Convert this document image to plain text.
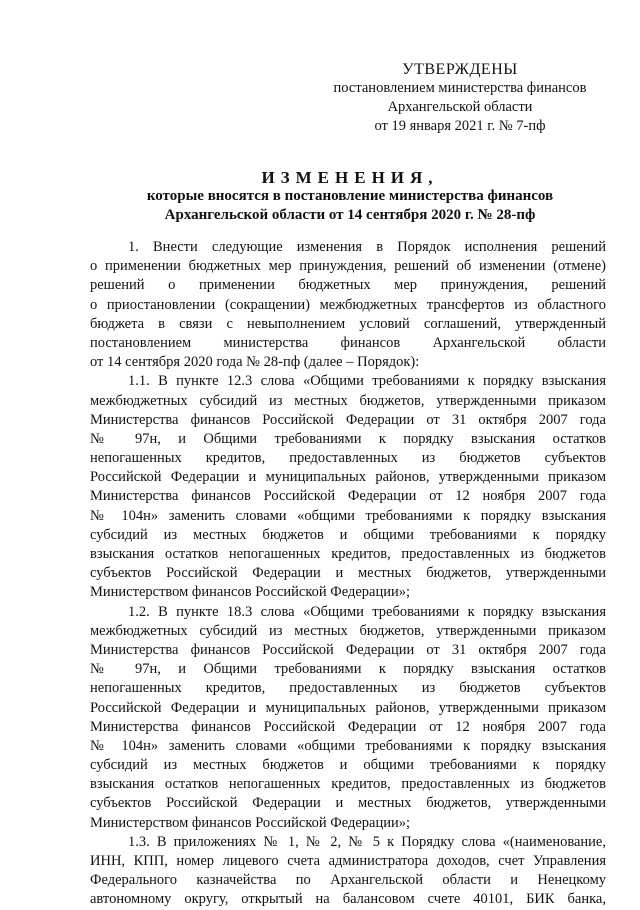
УТВЕРЖДЕНЫ
постановлением министерства финансов
Архангельской области
от 19 января 2021 г. № 7-пф
ИЗМЕНЕНИЯ,
которые вносятся в постановление министерства финансов
Архангельской области от 14 сентября 2020 г. № 28-пф
1. Внести следующие изменения в Порядок исполнения решений
о применении бюджетных мер принуждения, решений об изменении (отмене)
решений о применении бюджетных мер принуждения, решений
о приостановлении (сокращении) межбюджетных трансфертов из областного
бюджета в связи с невыполнением условий соглашений, утвержденный
постановлением министерства финансов Архангельской области
от 14 сентября 2020 года № 28-пф (далее – Порядок):
1.1. В пункте 12.3 слова «Общими требованиями к порядку взыскания
межбюджетных субсидий из местных бюджетов, утвержденными приказом
Министерства финансов Российской Федерации от 31 октября 2007 года
№ 97н, и Общими требованиями к порядку взыскания остатков
непогашенных кредитов, предоставленных из бюджетов субъектов
Российской Федерации и муниципальных районов, утвержденными приказом
Министерства финансов Российской Федерации от 12 ноября 2007 года
№ 104н» заменить словами «общими требованиями к порядку взыскания
субсидий из местных бюджетов и общими требованиями к порядку
взыскания остатков непогашенных кредитов, предоставленных из бюджетов
субъектов Российской Федерации и местных бюджетов, утвержденными
Министерством финансов Российской Федерации»;
1.2. В пункте 18.3 слова «Общими требованиями к порядку взыскания
межбюджетных субсидий из местных бюджетов, утвержденными приказом
Министерства финансов Российской Федерации от 31 октября 2007 года
№ 97н, и Общими требованиями к порядку взыскания остатков
непогашенных кредитов, предоставленных из бюджетов субъектов
Российской Федерации и муниципальных районов, утвержденными приказом
Министерства финансов Российской Федерации от 12 ноября 2007 года
№ 104н» заменить словами «общими требованиями к порядку взыскания
субсидий из местных бюджетов и общими требованиями к порядку
взыскания остатков непогашенных кредитов, предоставленных из бюджетов
субъектов Российской Федерации и местных бюджетов, утвержденными
Министерством финансов Российской Федерации»;
1.3. В приложениях № 1, № 2, № 5 к Порядку слова «(наименование,
ИНН, КПП, номер лицевого счета администратора доходов, счет Управления
Федерального казначейства по Архангельской области и Ненецкому
автономному округу, открытый на балансовом счете 40101, БИК банка,
